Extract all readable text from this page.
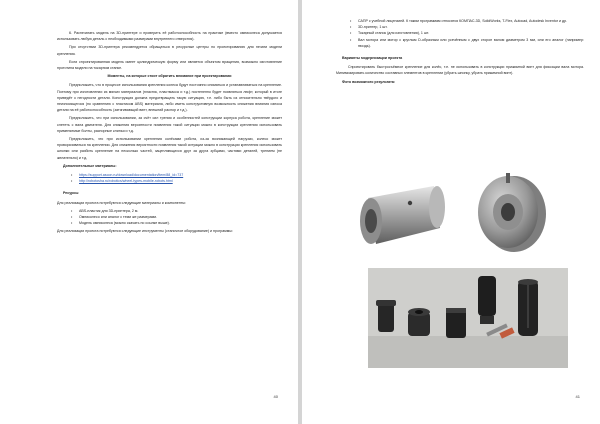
6. Распечатать модель на 3D-принтере и проверить её работоспособность на практике (вместо омниколеса допускается использовать любую деталь с необходимыми размерами внутреннего отверстия).

При отсутствии 3D-принтера рекомендуется обращаться в ресурсные центры по проектированию для печати модели крепления.

Если спроектированная модель имеет цилиндрическую форму или является объектом вращения, возможно изготовление прототипа модели на токарном станке.

Моменты, на которые стоит обратить внимание при проектировании

Предположить, что в процессе использования крепления колеса будут постоянно сниматься и устанавливаться на крепление. Поэтому при изготовлении из мягких материалов (пластик, пластмасса и т.д.) постепенно будет появляться люфт, который в итоге приведёт к негодности детали. Конструкция должна предотвращать такую ситуацию, т.е. либо быть из относительно твёрдого и неизносящегося (по сравнению с пластиком ABS) материала, либо иметь конструктивную возможность снижения влияния износа детали на её работоспособность (затягивающий винт, внешний распор и т.д.).

Предположить, что при использовании, за счёт сил трения и особенностей конструкции корпуса робота, крепление может слететь с вала двигателя. Для снижения вероятности появления такой ситуации можно в конструкции крепления использовать применяемые болты, распорные клинья и т.д.

Предположить, что при использовании крепления колёсами робота, из-за возникающей нагрузки, колесо может проворачиваться на креплении. Для снижения вероятности появления такой ситуации можно в конструкции крепления использовать шпонки или разбить крепление на несколько частей, зацепляющихся друг за друга зубцами, частями деталей, трением (не желательно) и т.д.

Дополнительные материалы:

• https://support.ascon.ru/download/documentation/item/88_id=737
• http://robotosha.ru/robotics/wheel-types-mobile-robots.html

Ресурсы

Для реализации проекта потребуются следующие материалы и компоненты:

• ABS-пластик для 3D-принтера, 2 м.
• Омниколесо или аналог с теми же размерами.
• Модель омниколеса (можно скачать по ссылке выше).

Для реализации проекта потребуются следующие инструменты (станочное оборудование) и программы:

40
• САПР с учебной лицензией. К таким программам относятся КОМПАС-3D, SolidWorks, T-Flex, Autocad, Autodesk Inventor и др.
• 3D-принтер, 1 шт.
• Токарный станок (для изготовления), 1 шт.
• Вал мотора или мотор с круглым D-образным или усечённым с двух сторон валом диаметром 3 мм, или его аналог (например: гвоздь).

Варианты модернизации проекта

Спроектировать быстросъёмное крепление для колёс, т.е. не использовать в конструкции прижимной винт для фиксации вала мотора. Минимизировать количество составных элементов в креплении (убрать шпонку, убрать прижимной винт).

Фото возможного результата:

41
